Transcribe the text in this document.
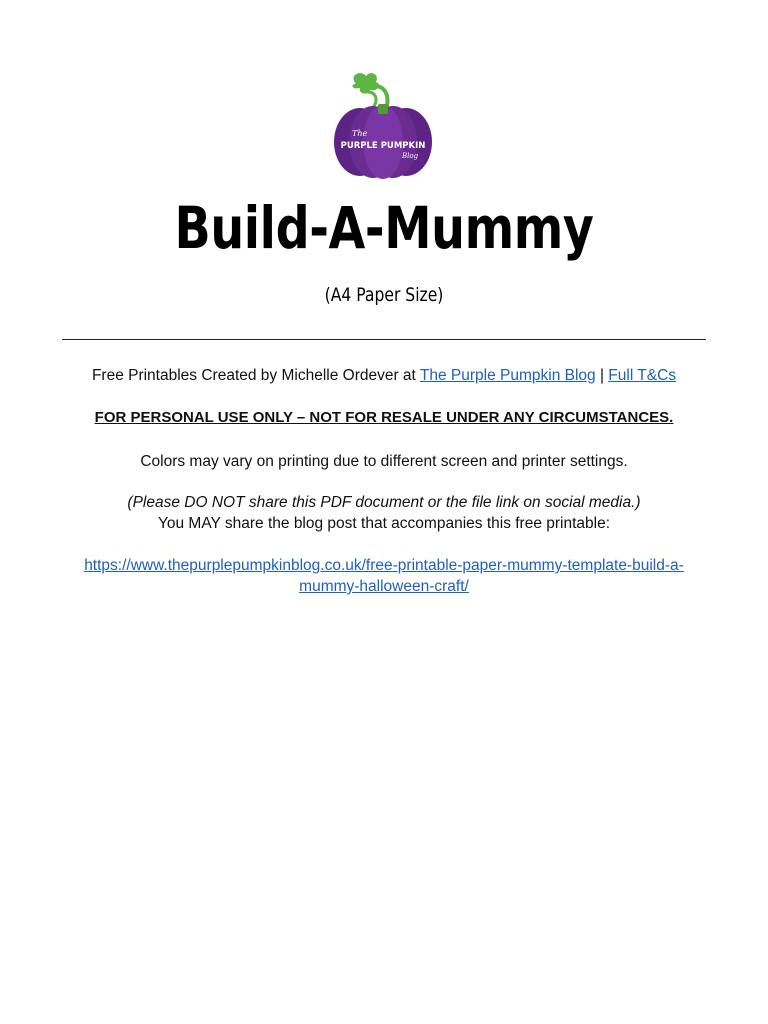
The
PURPLE PUMPKIN
Blog
Build-A-Mummy
(A4 Paper Size)
Free Printables Created by Michelle Ordever at The Purple Pumpkin Blog | Full T&Cs
FOR PERSONAL USE ONLY – NOT FOR RESALE UNDER ANY CIRCUMSTANCES.
Colors may vary on printing due to different screen and printer settings.
(Please DO NOT share this PDF document or the file link on social media.)
You MAY share the blog post that accompanies this free printable:
https://www.thepurplepumpkinblog.co.uk/free-printable-paper-mummy-template-build-a-
mummy-halloween-craft/
